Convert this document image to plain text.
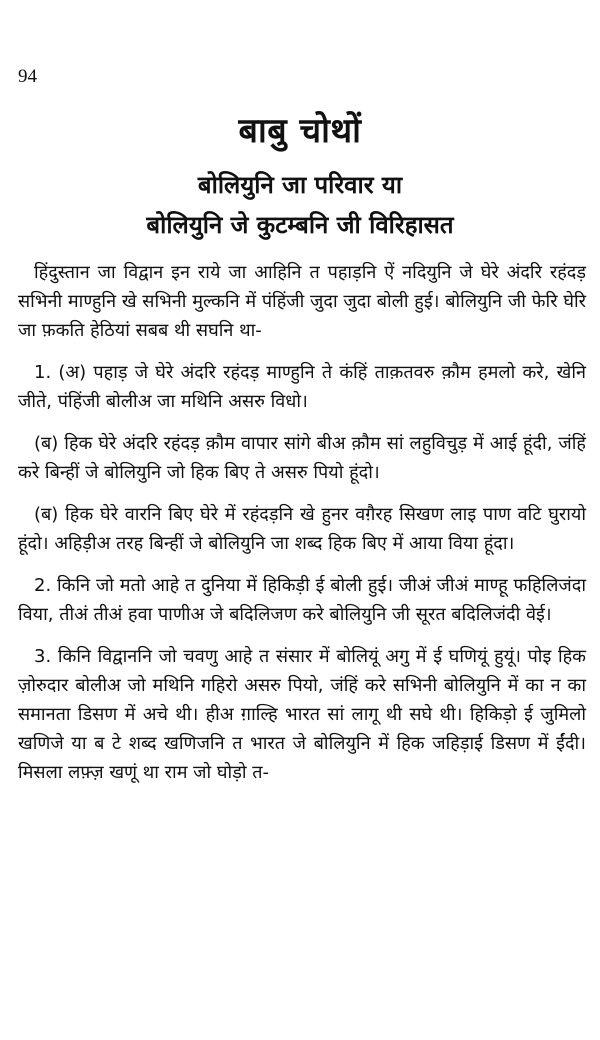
94
बाबु चोथों
बोलियुनि जा परिवार या
बोलियुनि जे कुटम्बनि जी विरिहासत

हिंदुस्तान जा विद्वान इन राये जा आहिनि त पहाड़नि ऐं नदियुनि जे घेरे अंदरि रहंदड़ सभिनी माण्हुनि खे सभिनी मुल्कनि में पंहिंजी जुदा जुदा बोली हुई। बोलियुनि जी फेरि घेरि जा फ़कति हेठियां सबब थी सघनि था-

1. (अ) पहाड़ जे घेरे अंदरि रहंदड़ माण्हुनि ते कंहिं ताक़तवरु क़ौम हमलो करे, खेनि जीते, पंहिंजी बोलीअ जा मथिनि असरु विधो।

(ब) हिक घेरे अंदरि रहंदड़ क़ौम वापार सांगे बीअ क़ौम सां लहुविचुड़ में आई हूंदी, जंहिं करे बिन्हीं जे बोलियुनि जो हिक बिए ते असरु पियो हूंदो।

(ब) हिक घेरे वारनि बिए घेरे में रहंदड़नि खे हुनर वग़ैरह सिखण लाइ पाण वटि घुरायो हूंदो। अहिड़ीअ तरह बिन्हीं जे बोलियुनि जा शब्द हिक बिए में आया विया हूंदा।

2. किनि जो मतो आहे त दुनिया में हिकिड़ी ई बोली हुई। जीअं जीअं माण्हू फहिलिजंदा विया, तीअं तीअं हवा पाणीअ जे बदिलिजण करे बोलियुनि जी सूरत बदिलिजंदी वेई।

3. किनि विद्वाननि जो चवणु आहे त संसार में बोलियूं अगु में ई घणियूं हुयूं। पोइ हिक ज़ोरुदार बोलीअ जो मथिनि गहिरो असरु पियो, जंहिं करे सभिनी बोलियुनि में का न का समानता डिसण में अचे थी। हीअ ग़ाल्हि भारत सां लागू थी सघे थी। हिकिड़ो ई जुमिलो खणिजे या ब टे शब्द खणिजनि त भारत जे बोलियुनि में हिक जहिड़ाई डिसण में ईंदी। मिसला लफ़्ज़ खणूं था राम जो घोड़ो त-
